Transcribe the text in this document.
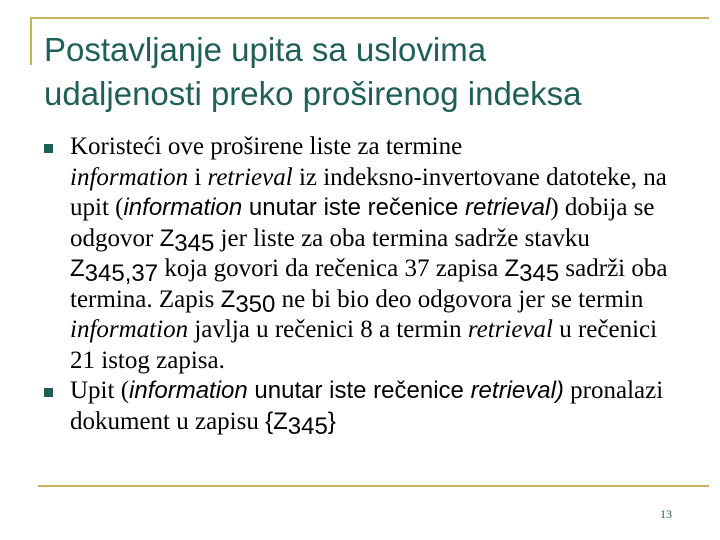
Postavljanje upita sa uslovima
udaljenosti preko proširenog indeksa
Koristeći ove proširene liste za termine
information i retrieval iz indeksno-invertovane datoteke, na upit (information unutar iste rečenice retrieval) dobija se odgovor $Z_{345}$ jer liste za oba termina sadrže stavku $Z_{345,37}$ koja govori da rečenica 37 zapisa $Z_{345}$ sadrži oba termina. Zapis $Z_{350}$ ne bi bio deo odgovora jer se termin information javlja u rečenici 8 a termin retrieval u rečenici 21 istog zapisa.
Upit (information unutar iste rečenice retrieval) pronalazi dokument u zapisu $\{Z_{345}\}$
13
